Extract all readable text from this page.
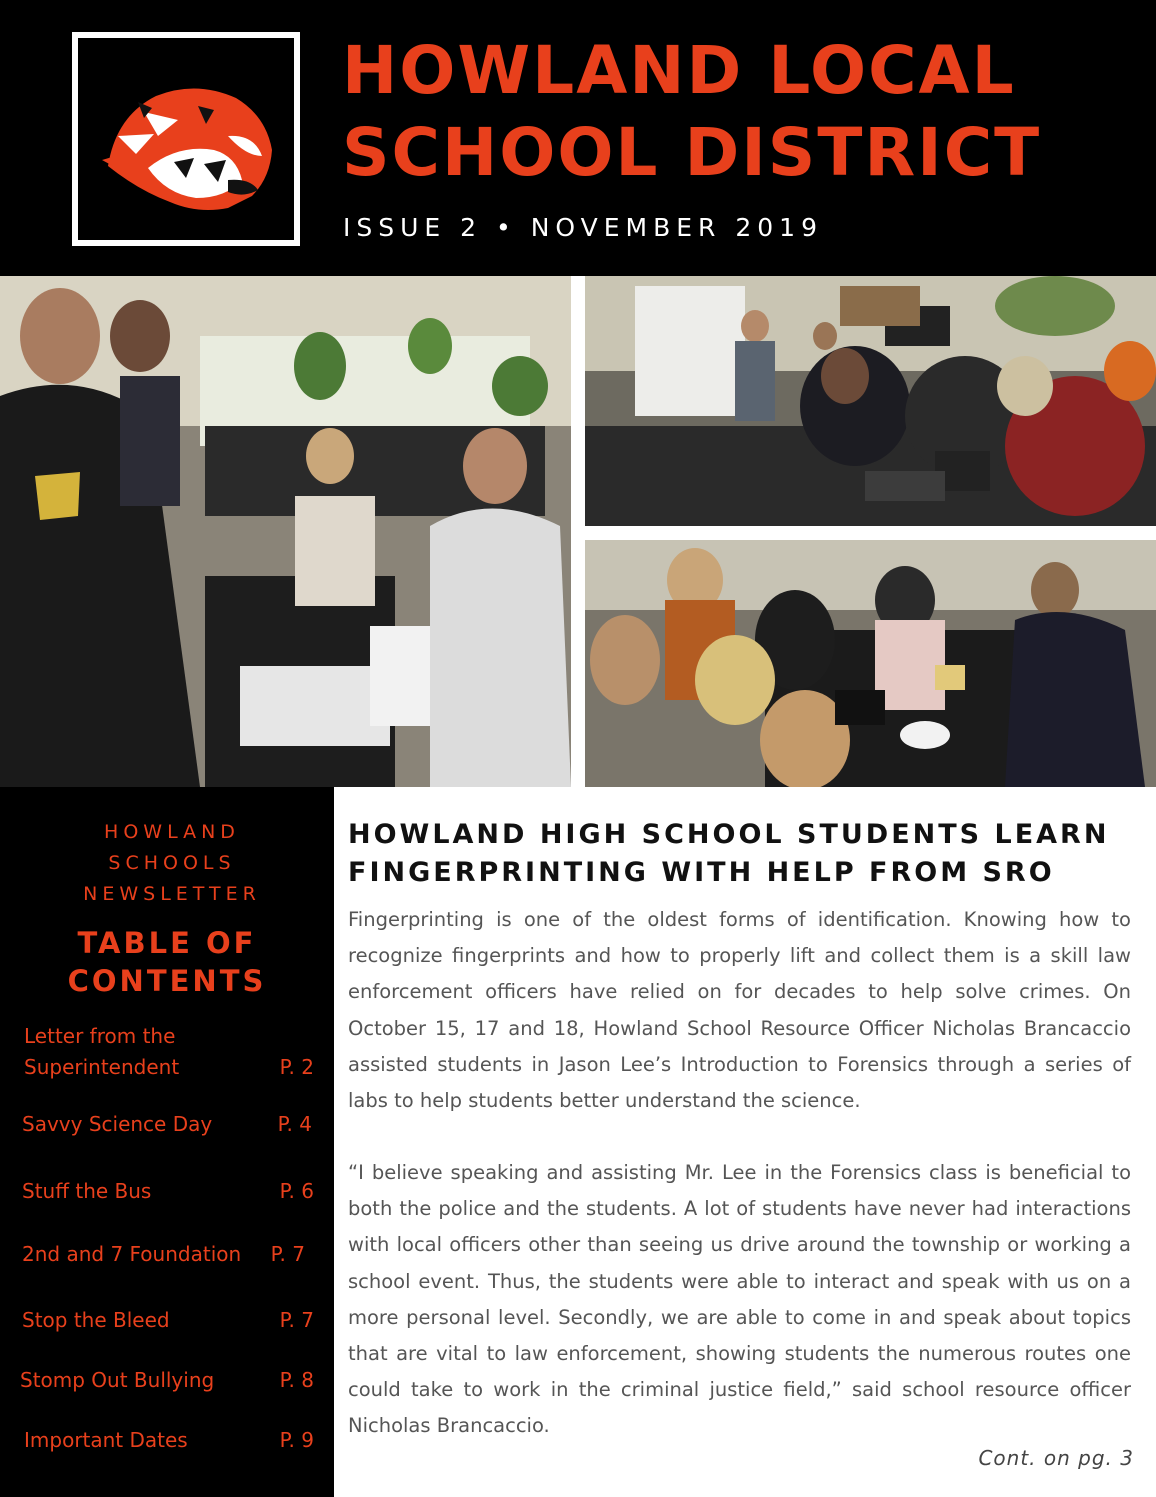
HOWLAND LOCAL
SCHOOL DISTRICT
ISSUE 2 • NOVEMBER 2019
HOWLAND
SCHOOLS
NEWSLETTER
TABLE OF
CONTENTS
Letter from the
Superintendent	P. 2
Savvy Science Day	P. 4
Stuff the Bus	P. 6
2nd and 7 Foundation P. 7
Stop the Bleed	P. 7
Stomp Out Bullying	P. 8
Important Dates	P. 9
HOWLAND HIGH SCHOOL STUDENTS LEARN
FINGERPRINTING WITH HELP FROM SRO

Fingerprinting is one of the oldest forms of identification. Knowing how to recognize fingerprints and how to properly lift and collect them is a skill law enforcement officers have relied on for decades to help solve crimes. On October 15, 17 and 18, Howland School Resource Officer Nicholas Brancaccio assisted students in Jason Lee’s Introduction to Forensics through a series of labs to help students better understand the science.

“I believe speaking and assisting Mr. Lee in the Forensics class is beneficial to both the police and the students. A lot of students have never had interactions with local officers other than seeing us drive around the township or working a school event. Thus, the students were able to interact and speak with us on a more personal level. Secondly, we are able to come in and speak about topics that are vital to law enforcement, showing students the numerous routes one could take to work in the criminal justice field,” said school resource officer Nicholas Brancaccio.

Cont. on pg. 3
